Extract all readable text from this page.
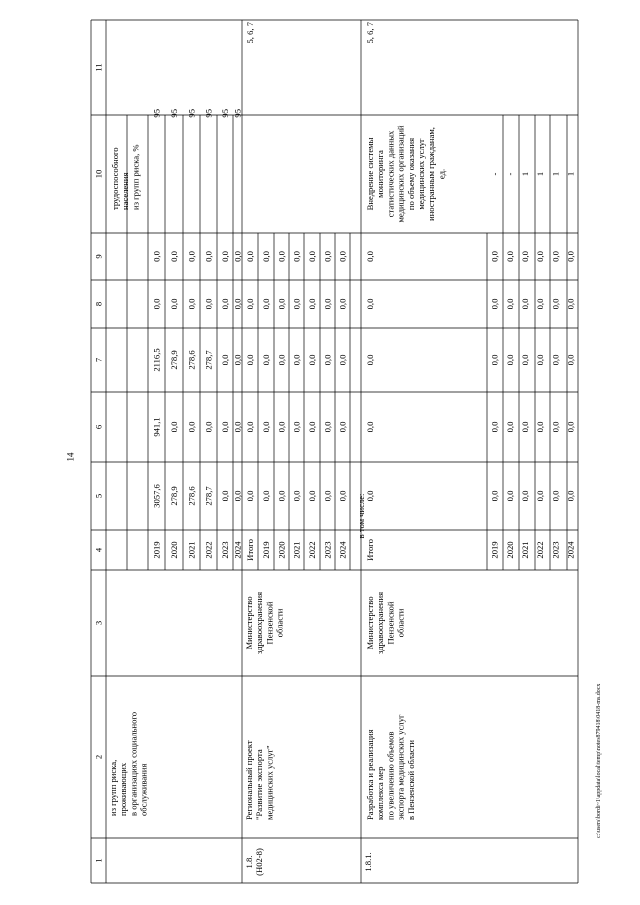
14
c:\users\bordi~1\appdata\local\temp\notes879418\0418-ms.docx
1
2
3
4
5
6
7
8
9
10
11
из групп риска, проживающих в организациях социального обслуживания
трудоспособного населения из групп риска, %
2019
3057,6
941,1
2116,5
0,0
0,0
95
2020
278,9
0,0
278,9
0,0
0,0
95
2021
278,6
0,0
278,6
0,0
0,0
95
2022
278,7
0,0
278,7
0,0
0,0
95
2023
0,0
0,0
0,0
0,0
0,0
95
2024
0,0
0,0
0,0
0,0
0,0
95
1.8. (Н02-8)
Региональный проект "Развитие экспорта медицинских услуг"
Министерство здравоохранения Пензенской области
5, 6, 7
Итого
0,0
0,0
0,0
0,0
0,0
2019
0,0
0,0
0,0
0,0
0,0
2020
0,0
0,0
0,0
0,0
0,0
2021
0,0
0,0
0,0
0,0
0,0
2022
0,0
0,0
0,0
0,0
0,0
2023
0,0
0,0
0,0
0,0
0,0
2024
0,0
0,0
0,0
0,0
0,0
в том числе:
1.8.1.
Разработка и реализация комплекса мер по увеличению объемов экспорта медицинских услуг в Пензенской области
Министерство здравоохранения Пензенской области
Внедрение системы мониторинга статистических данных медицинских организаций по объему оказания медицинских услуг иностранным гражданам, ед.
5, 6, 7
Итого
0,0
0,0
0,0
0,0
0,0
2019
0,0
0,0
0,0
0,0
0,0
-
2020
0,0
0,0
0,0
0,0
0,0
-
2021
0,0
0,0
0,0
0,0
0,0
1
2022
0,0
0,0
0,0
0,0
0,0
1
2023
0,0
0,0
0,0
0,0
0,0
1
2024
0,0
0,0
0,0
0,0
0,0
1
